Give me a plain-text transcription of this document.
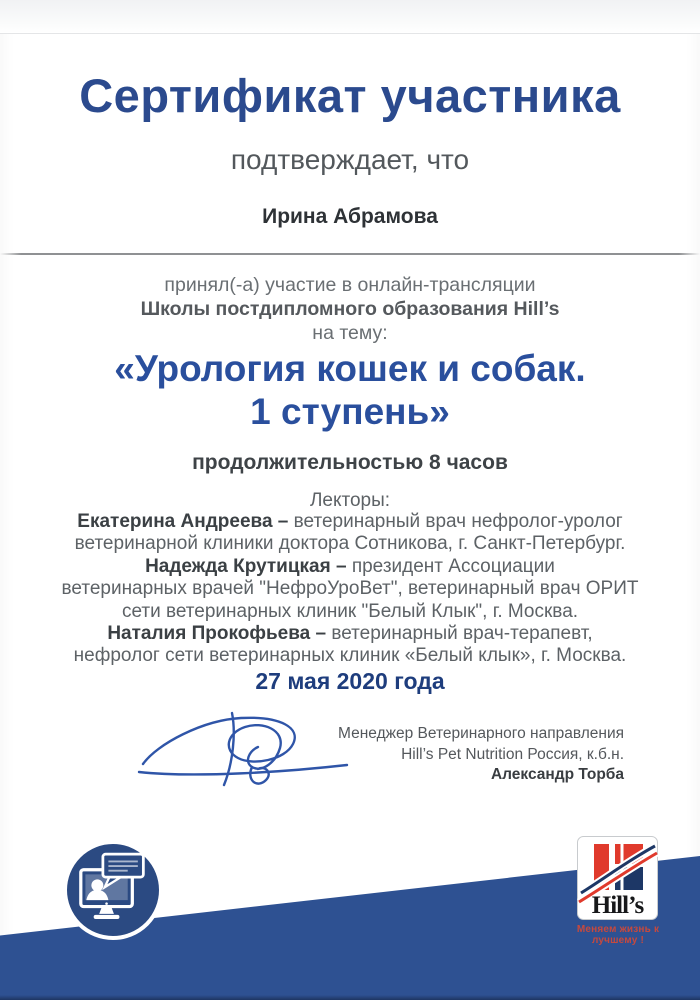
Сертификат участника
подтверждает, что
Ирина Абрамова
принял(-а) участие в онлайн-трансляции
Школы постдипломного образования Hill’s
на тему:
«Урология кошек и собак.
1 ступень»
продолжительностью 8 часов
Лекторы:
Екатерина Андреева – ветеринарный врач нефролог-уролог
ветеринарной клиники доктора Сотникова, г. Санкт-Петербург.
Надежда Крутицкая – президент Ассоциации
ветеринарных врачей "НефроУроВет", ветеринарный врач ОРИТ
сети ветеринарных клиник "Белый Клык", г. Москва.
Наталия Прокофьева – ветеринарный врач-терапевт,
нефролог сети ветеринарных клиник «Белый клык», г. Москва.
27 мая 2020 года
Менеджер Ветеринарного направления
Hill’s Pet Nutrition Россия, к.б.н.
Александр Торба
Hill’s
Меняем жизнь к лучшему !
